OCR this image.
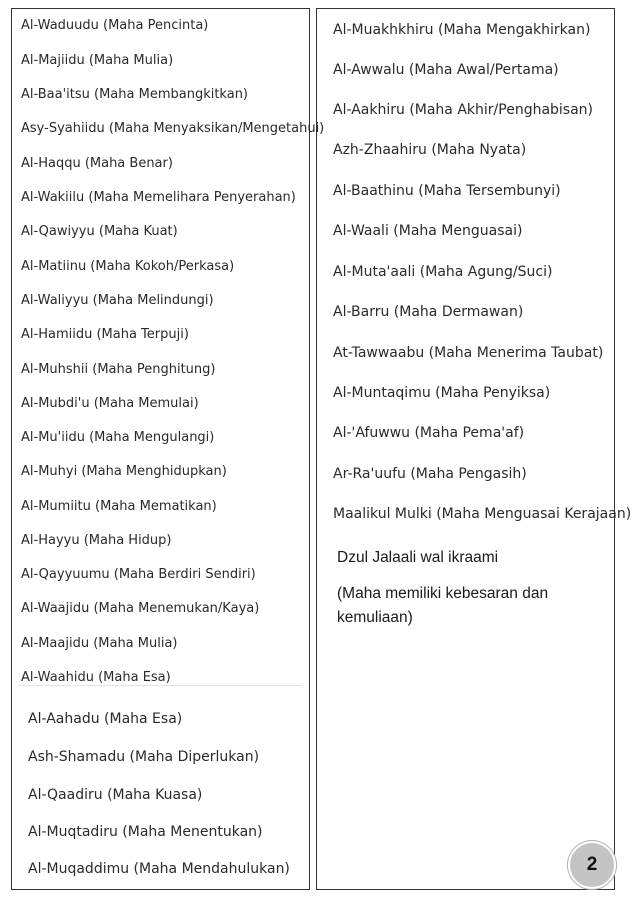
Al-Waduudu (Maha Pencinta)
Al-Majiidu (Maha Mulia)
Al-Baa'itsu (Maha Membangkitkan)
Asy-Syahiidu (Maha Menyaksikan/Mengetahui)
Al-Haqqu (Maha Benar)
Al-Wakiilu (Maha Memelihara Penyerahan)
Al-Qawiyyu (Maha Kuat)
Al-Matiinu (Maha Kokoh/Perkasa)
Al-Waliyyu (Maha Melindungi)
Al-Hamiidu (Maha Terpuji)
Al-Muhshii (Maha Penghitung)
Al-Mubdi'u (Maha Memulai)
Al-Mu'iidu (Maha Mengulangi)
Al-Muhyi (Maha Menghidupkan)
Al-Mumiitu (Maha Mematikan)
Al-Hayyu (Maha Hidup)
Al-Qayyuumu (Maha Berdiri Sendiri)
Al-Waajidu (Maha Menemukan/Kaya)
Al-Maajidu (Maha Mulia)
Al-Waahidu (Maha Esa)
Al-Aahadu (Maha Esa)
Ash-Shamadu (Maha Diperlukan)
Al-Qaadiru (Maha Kuasa)
Al-Muqtadiru (Maha Menentukan)
Al-Muqaddimu (Maha Mendahulukan)
Al-Muakhkhiru (Maha Mengakhirkan)
Al-Awwalu (Maha Awal/Pertama)
Al-Aakhiru (Maha Akhir/Penghabisan)
Azh-Zhaahiru (Maha Nyata)
Al-Baathinu (Maha Tersembunyi)
Al-Waali (Maha Menguasai)
Al-Muta'aali (Maha Agung/Suci)
Al-Barru (Maha Dermawan)
At-Tawwaabu (Maha Menerima Taubat)
Al-Muntaqimu (Maha Penyiksa)
Al-'Afuwwu (Maha Pema'af)
Ar-Ra'uufu (Maha Pengasih)
Maalikul Mulki (Maha Menguasai Kerajaan)
Dzul Jalaali wal ikraami
(Maha memiliki kebesaran dan kemuliaan)
2
